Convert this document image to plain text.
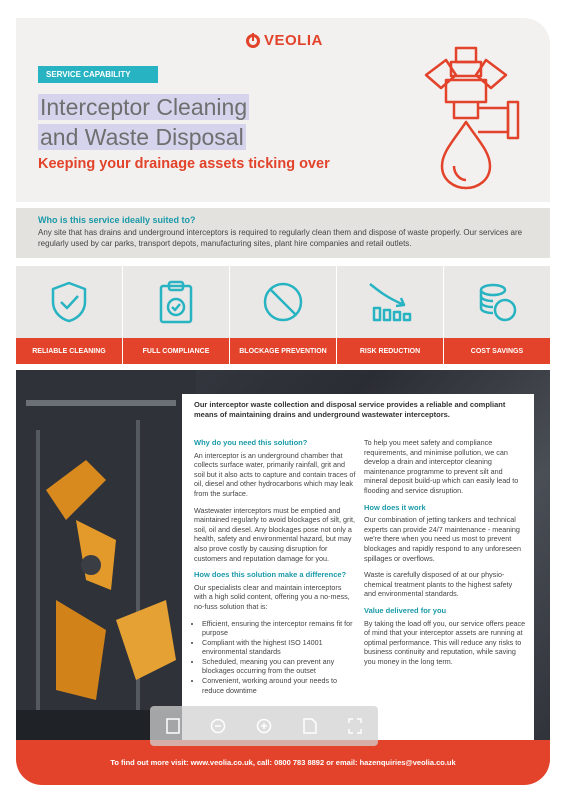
VEOLIA
SERVICE CAPABILITY
Interceptor Cleaning
and Waste Disposal
Keeping your drainage assets ticking over
Who is this service ideally suited to?

Any site that has drains and underground interceptors is required to regularly clean them and dispose of waste properly. Our services are regularly used by car parks, transport depots, manufacturing sites, plant hire companies and retail outlets.

RELIABLE CLEANING	FULL COMPLIANCE	BLOCKAGE PREVENTION	RISK REDUCTION	COST SAVINGS
Our interceptor waste collection and disposal service provides a reliable and compliant means of maintaining drains and underground wastewater interceptors.
Why do you need this solution?

An interceptor is an underground chamber that collects surface water, primarily rainfall, grit and soil but it also acts to capture and contain traces of oil, diesel and other hydrocarbons which may leak from the surface.

Wastewater interceptors must be emptied and maintained regularly to avoid blockages of silt, grit, soil, oil and diesel. Any blockages pose not only a health, safety and environmental hazard, but may also prove costly by causing disruption for customers and reputation damage for you.

How does this solution make a difference?

Our specialists clear and maintain interceptors with a high solid content, offering you a no-mess, no-fuss solution that is:

• Efficient, ensuring the interceptor remains fit for purpose
• Compliant with the highest ISO 14001 environmental standards
• Scheduled, meaning you can prevent any blockages occurring from the outset
• Convenient, working around your needs to reduce downtime

To help you meet safety and compliance requirements, and minimise pollution, we can develop a drain and interceptor cleaning maintenance programme to prevent silt and mineral deposit build-up which can easily lead to flooding and service disruption.

How does it work

Our combination of jetting tankers and technical experts can provide 24/7 maintenance - meaning we're there when you need us most to prevent blockages and rapidly respond to any unforeseen spillages or overflows.

Waste is carefully disposed of at our physio-chemical treatment plants to the highest safety and environmental standards.

Value delivered for you

By taking the load off you, our service offers peace of mind that your interceptor assets are running at optimal performance. This will reduce any risks to business continuity and reputation, while saving you money in the long term.

To find out more visit: www.veolia.co.uk, call: 0800 783 8892 or email: hazenquiries@veolia.co.uk
